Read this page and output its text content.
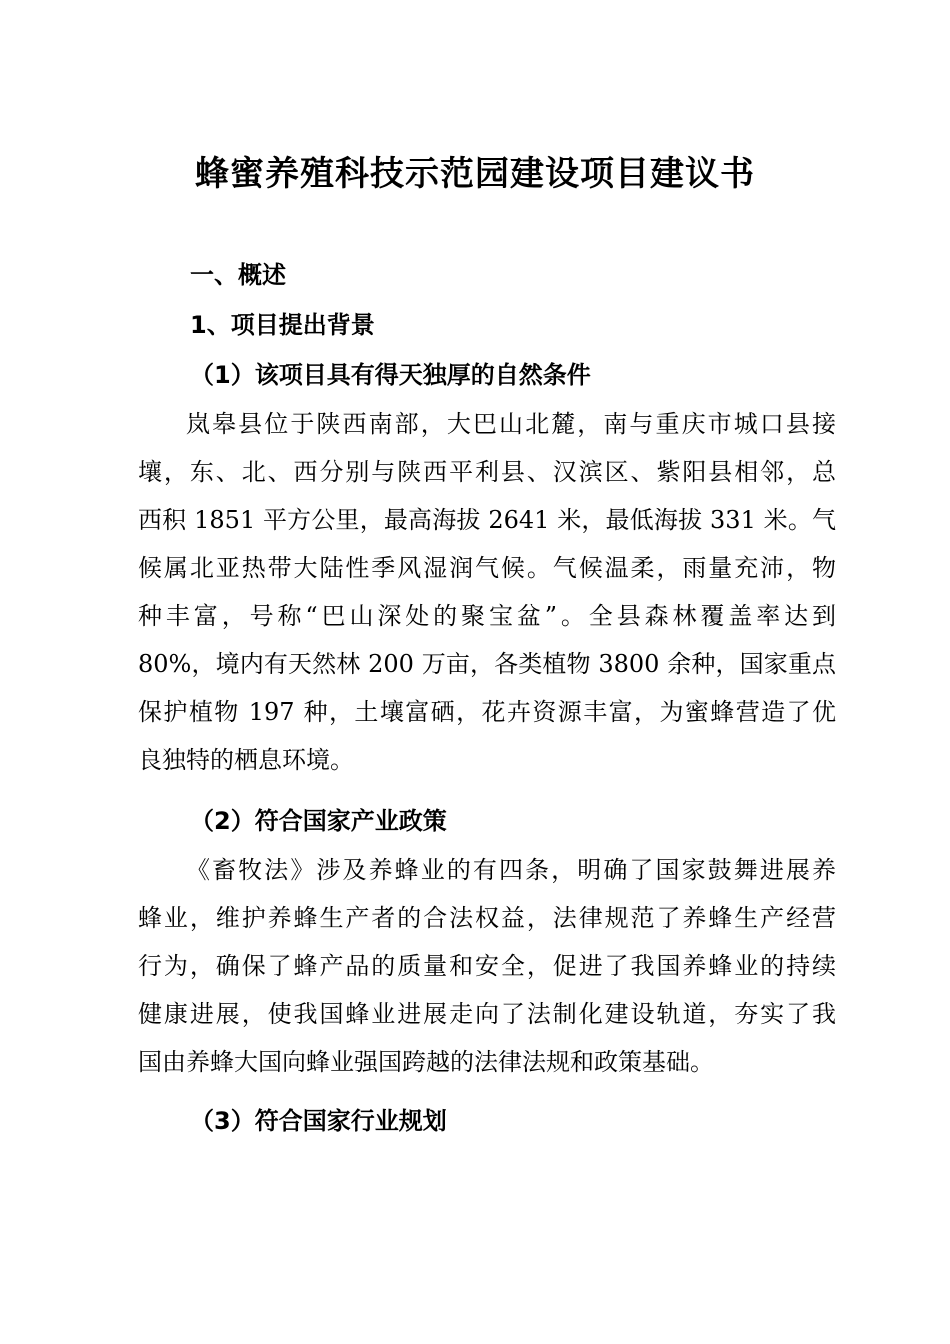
蜂蜜养殖科技示范园建设项目建议书
一、概述
1、项目提出背景
（1）该项目具有得天独厚的自然条件
岚皋县位于陕西南部，大巴山北麓，南与重庆市城口县接
壤，东、北、西分别与陕西平利县、汉滨区、紫阳县相邻，总
西积 1851 平方公里，最高海拔 2641 米，最低海拔 331 米。气
候属北亚热带大陆性季风湿润气候。气候温柔，雨量充沛，物
种丰富，号称“巴山深处的聚宝盆”。全县森林覆盖率达到
80%，境内有天然林 200 万亩，各类植物 3800 余种，国家重点
保护植物 197 种，土壤富硒，花卉资源丰富，为蜜蜂营造了优
良独特的栖息环境。
（2）符合国家产业政策
《畜牧法》涉及养蜂业的有四条，明确了国家鼓舞进展养
蜂业，维护养蜂生产者的合法权益，法律规范了养蜂生产经营
行为，确保了蜂产品的质量和安全，促进了我国养蜂业的持续
健康进展，使我国蜂业进展走向了法制化建设轨道，夯实了我
国由养蜂大国向蜂业强国跨越的法律法规和政策基础。
（3）符合国家行业规划
